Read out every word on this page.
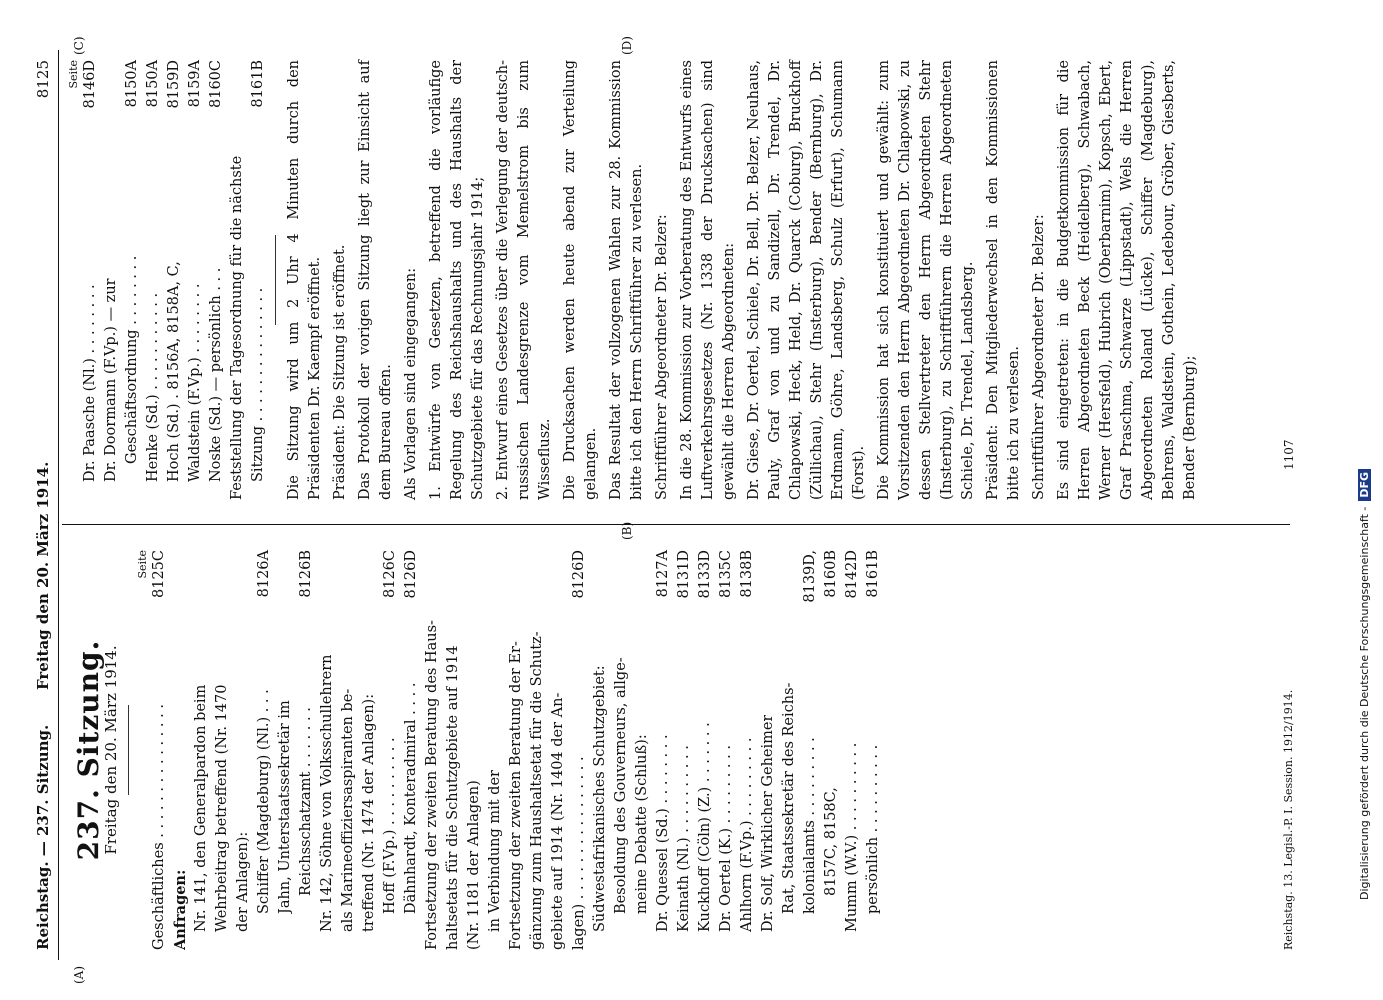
Reichstag. — 237. Sitzung.
Freitag den 20. März 1914.
8125
(A)
(B)
(C)	(D)
237. Sitzung.
Freitag den 20. März 1914.
Seite
Geschäftliches . . . . . . . . . . . . . . .
8125C
Anfragen: Nr. 141, den Generalpardon beim Wehrbeitrag betreffend (Nr. 1470 der Anlagen): Schiffer (Magdeburg) (Nl.) . . .
8126A
Jahn, Unterstaatssekretär im Reichsschatzamt . . . . . . .
8126B
Nr. 142, Söhne von Volksschullehrern als Marineoffiziersaspiranten be- treffend (Nr. 1474 der Anlagen): Hoff (F.Vp.) . . . . . . . . . .
8126C
Dähnhardt, Konteradmiral . . . .
8126D
Fortsetzung der zweiten Beratung des Haus- haltsetats für die Schutzgebiete auf 1914 (Nr. 1181 der Anlagen) in Verbindung mit der Fortsetzung der zweiten Beratung der Er- gänzung zum Haushaltsetat für die Schutz- gebiete auf 1914 (Nr. 1404 der An- lagen) . . . . . . . . . . . . . . . .
8126D
Südwestafrikanisches Schutzgebiet: Besoldung des Gouverneurs, allge- meine Debatte (Schluß): Dr. Quessel (Sd.) . . . . . . . .
8127A
Keinath (Nl.) . . . . . . . . . .
8131D
Kuckhoff (Cöln) (Z.) . . . . . . .
8133D
Dr. Oertel (K.) . . . . . . . . .
8135C
Ahlhorn (F.Vp.) . . . . . . . . .
8138B
Dr. Solf, Wirklicher Geheimer Rat, Staatssekretär des Reichs- kolonialamts . . . . . . . . .
8139D,
8157C, 8158C,
8160B
Mumm (W.V.) . . . . . . . . . .
8142D
persönlich . . . . . . . . . .
8161B
Seite
Dr. Paasche (Nl.) . . . . . . . .
8146D
Dr. Doormann (F.Vp.) — zur Geschäftsordnung . . . . . . . .
8150A
Henke (Sd.) . . . . . . . . . . .
8150A
Hoch (Sd.) . 8156A, 8158A, C,
8159D
Waldstein (F.Vp.) . . . . . . . .
8159A
Noske (Sd.) — persönlich . . .
8160C
Feststellung der Tagesordnung für die nächste Sitzung . . . . . . . . . . . . . . .
8161B Die Sitzung wird um 2 Uhr 4 Minuten durch den Präsidenten Dr. Kaempf eröffnet. Präsident: Die Sitzung ist eröffnet. Das Protokoll der vorigen Sitzung liegt zur Einsicht auf dem Bureau offen. Als Vorlagen sind eingegangen: 1. Entwürfe von Gesetzen, betreffend die vorläufige Regelung des Reichshaushalts und des Haushalts der Schutzgebiete für das Rechnungsjahr 1914; 2. Entwurf eines Gesetzes über die Verlegung der deutsch-russischen Landesgrenze vom Memelstrom bis zum Wisseflusz. Die Drucksachen werden heute abend zur Verteilung gelangen. Das Resultat der vollzogenen Wahlen zur 28. Kommission bitte ich den Herrn Schriftführer zu verlesen. Schriftführer Abgeordneter Dr. Belzer: In die 28. Kommission zur Vorberatung des Entwurfs eines Luftverkehrsgesetzes (Nr. 1338 der Drucksachen) sind gewählt die Herren Abgeordneten: Dr. Giese, Dr. Oertel, Schiele, Dr. Bell, Dr. Belzer, Neuhaus, Pauly, Graf von und zu Sandizell, Dr. Trendel, Dr. Chlapowski, Heck, Held, Dr. Quarck (Coburg), Bruckhoff (Züllichau), Stehr (Insterburg), Bender (Bernburg), Dr. Erdmann, Göhre, Landsberg, Schulz (Erfurt), Schumann (Forst). Die Kommission hat sich konstituiert und gewählt: zum Vorsitzenden den Herrn Abgeordneten Dr. Chlapowski, zu dessen Stellvertreter den Herrn Abgeordneten Stehr (Insterburg), zu Schriftführern die Herren Abgeordneten Schiele, Dr. Trendel, Landsberg. Präsident: Den Mitgliederwechsel in den Kommissionen bitte ich zu verlesen. Schriftführer Abgeordneter Dr. Belzer: Es sind eingetreten: in die Budgetkommission für die Herren Abgeordneten Beck (Heidelberg), Schwabach, Werner (Hersfeld), Hubrich (Oberbarnim), Kopsch, Ebert, Graf Praschma, Schwarze (Lippstadt), Wels die Herren Abgeordneten Roland (Lücke), Schiffer (Magdeburg), Behrens, Waldstein, Gothein, Ledebour, Gröber, Giesberts, Bender (Bernburg);

Reichstag. 13. Legisl.-P. I. Session. 1912/1914.
1107
Digitalisierung gefördert durch die Deutsche Forschungsgemeinschaft -DFG
